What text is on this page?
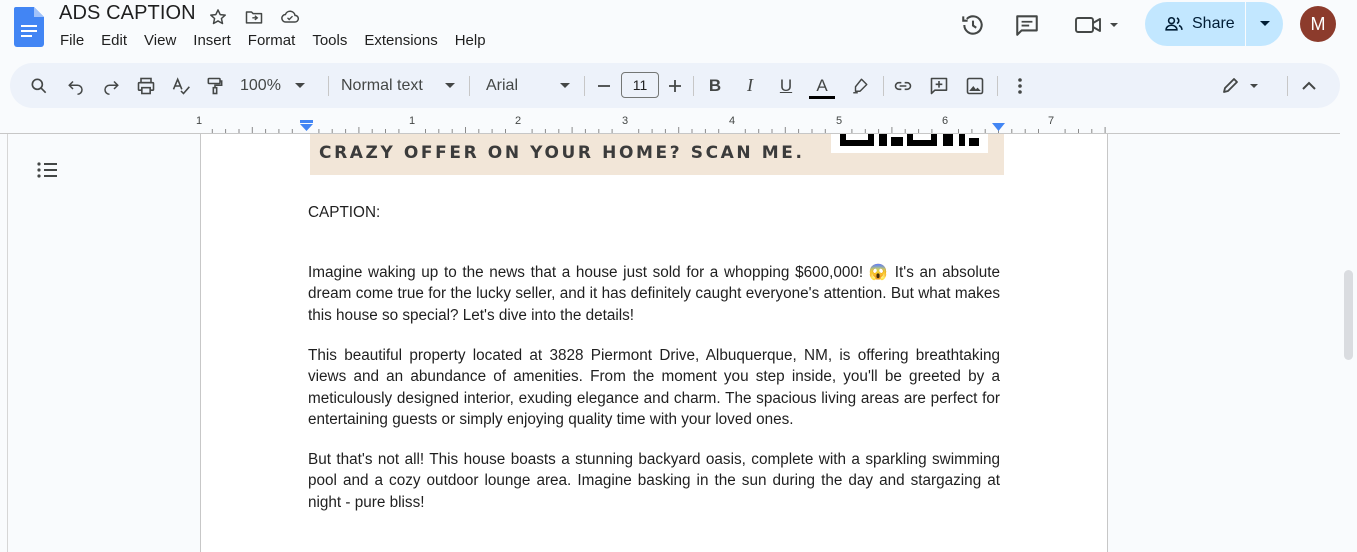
ADS CAPTION
File Edit View Insert Format Tools Extensions Help
Share	M
100%	Normal text	Arial	11	B	I	U A
1	1	2	3	4	5	6	7
CRAZY OFFER ON YOUR HOME? SCAN ME.
CAPTION:
Imagine waking up to the news that a house just sold for a whopping $600,000! 😱 It's an absolute dream come true for the lucky seller, and it has definitely caught everyone's attention. But what makes this house so special? Let's dive into the details!
This beautiful property located at 3828 Piermont Drive, Albuquerque, NM, is offering breathtaking views and an abundance of amenities. From the moment you step inside, you'll be greeted by a meticulously designed interior, exuding elegance and charm. The spacious living areas are perfect for entertaining guests or simply enjoying quality time with your loved ones.
But that's not all! This house boasts a stunning backyard oasis, complete with a sparkling swimming pool and a cozy outdoor lounge area. Imagine basking in the sun during the day and stargazing at night - pure bliss!
